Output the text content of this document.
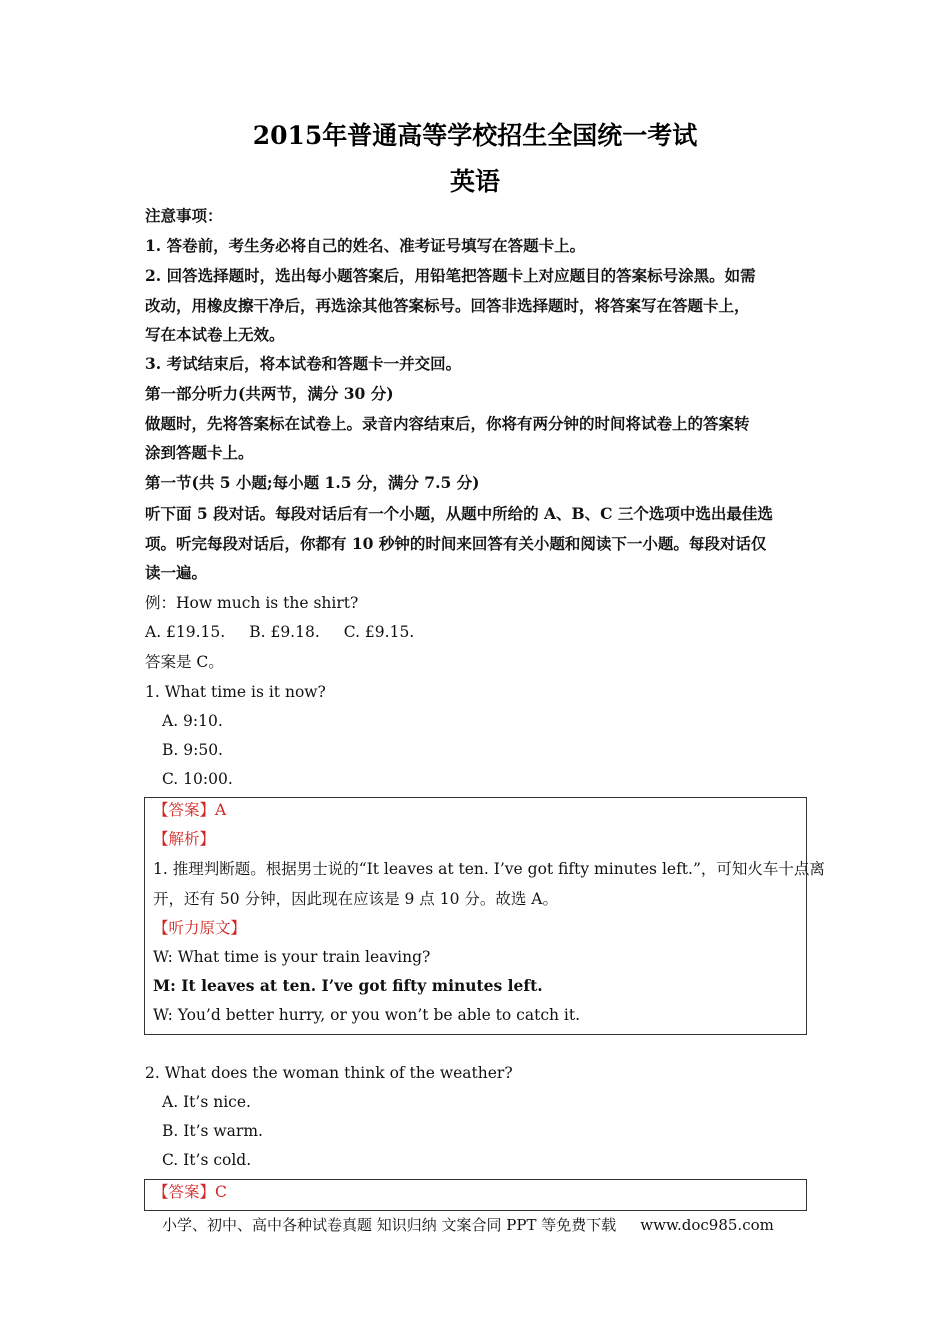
2015年普通高等学校招生全国统一考试
英语
注意事项：
1. 答卷前，考生务必将自己的姓名、准考证号填写在答题卡上。
2. 回答选择题时，选出每小题答案后，用铅笔把答题卡上对应题目的答案标号涂黑。如需
改动，用橡皮擦干净后，再选涂其他答案标号。回答非选择题时，将答案写在答题卡上，
写在本试卷上无效。
3. 考试结束后，将本试卷和答题卡一并交回。
第一部分听力(共两节，满分 30 分)
做题时，先将答案标在试卷上。录音内容结束后，你将有两分钟的时间将试卷上的答案转
涂到答题卡上。
第一节(共 5 小题;每小题 1.5 分，满分 7.5 分)
听下面 5 段对话。每段对话后有一个小题，从题中所给的 A、B、C 三个选项中选出最佳选
项。听完每段对话后，你都有 10 秒钟的时间来回答有关小题和阅读下一小题。每段对话仅
读一遍。
例：How much is the shirt?
A. £19.15. B. £9.18. C. £9.15.
答案是 C。
1. What time is it now?
A. 9:10.
B. 9:50.
C. 10:00.
【答案】A
【解析】
1. 推理判断题。根据男士说的“It leaves at ten. I’ve got fifty minutes left.”，可知火车十点离
开，还有 50 分钟，因此现在应该是 9 点 10 分。故选 A。
【听力原文】
W: What time is your train leaving?
M: It leaves at ten. I’ve got fifty minutes left.
W: You’d better hurry, or you won’t be able to catch it.
2. What does the woman think of the weather?
A. It’s nice.
B. It’s warm.
C. It’s cold.
【答案】C
小学、初中、高中各种试卷真题 知识归纳 文案合同 PPT 等免费下载 www.doc985.com
